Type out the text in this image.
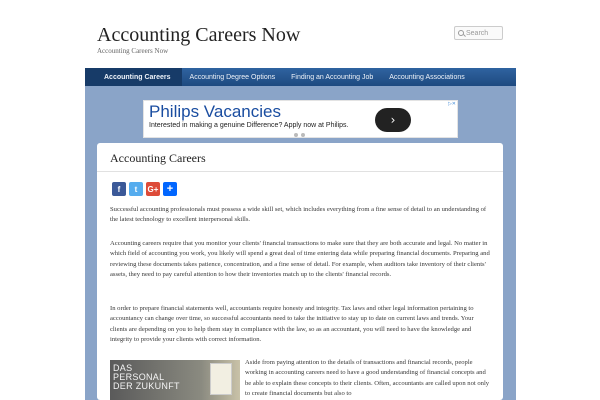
Accounting Careers Now
Accounting Careers Now
Search
Accounting Careers	Accounting Degree Options	Finding an Accounting Job	Accounting Associations
Philips Vacancies
Interested in making a genuine Difference? Apply now at Philips.	›
▷✕
Accounting Careers
f	t	G+ +

Successful accounting professionals must possess a wide skill set, which includes everything from a fine sense of detail to an understanding of the latest technology to excellent interpersonal skills.

Accounting careers require that you monitor your clients' financial transactions to make sure that they are both accurate and legal. No matter in which field of accounting you work, you likely will spend a great deal of time entering data while preparing financial documents. Preparing and reviewing these documents takes patience, concentration, and a fine sense of detail. For example, when auditors take inventory of their clients' assets, they need to pay careful attention to how their inventories match up to the clients' financial records.

In order to prepare financial statements well, accountants require honesty and integrity. Tax laws and other legal information pertaining to accountancy can change over time, so successful accountants need to take the initiative to stay up to date on current laws and trends. Your clients are depending on you to help them stay in compliance with the law, so as an accountant, you will need to have the knowledge and integrity to provide your clients with correct information.

DAS
PERSONAL
DER ZUKUNFT

Aside from paying attention to the details of transactions and financial records, people working in accounting careers need to have a good understanding of financial concepts and be able to explain these concepts to their clients. Often, accountants are called upon not only to create financial documents but also to
